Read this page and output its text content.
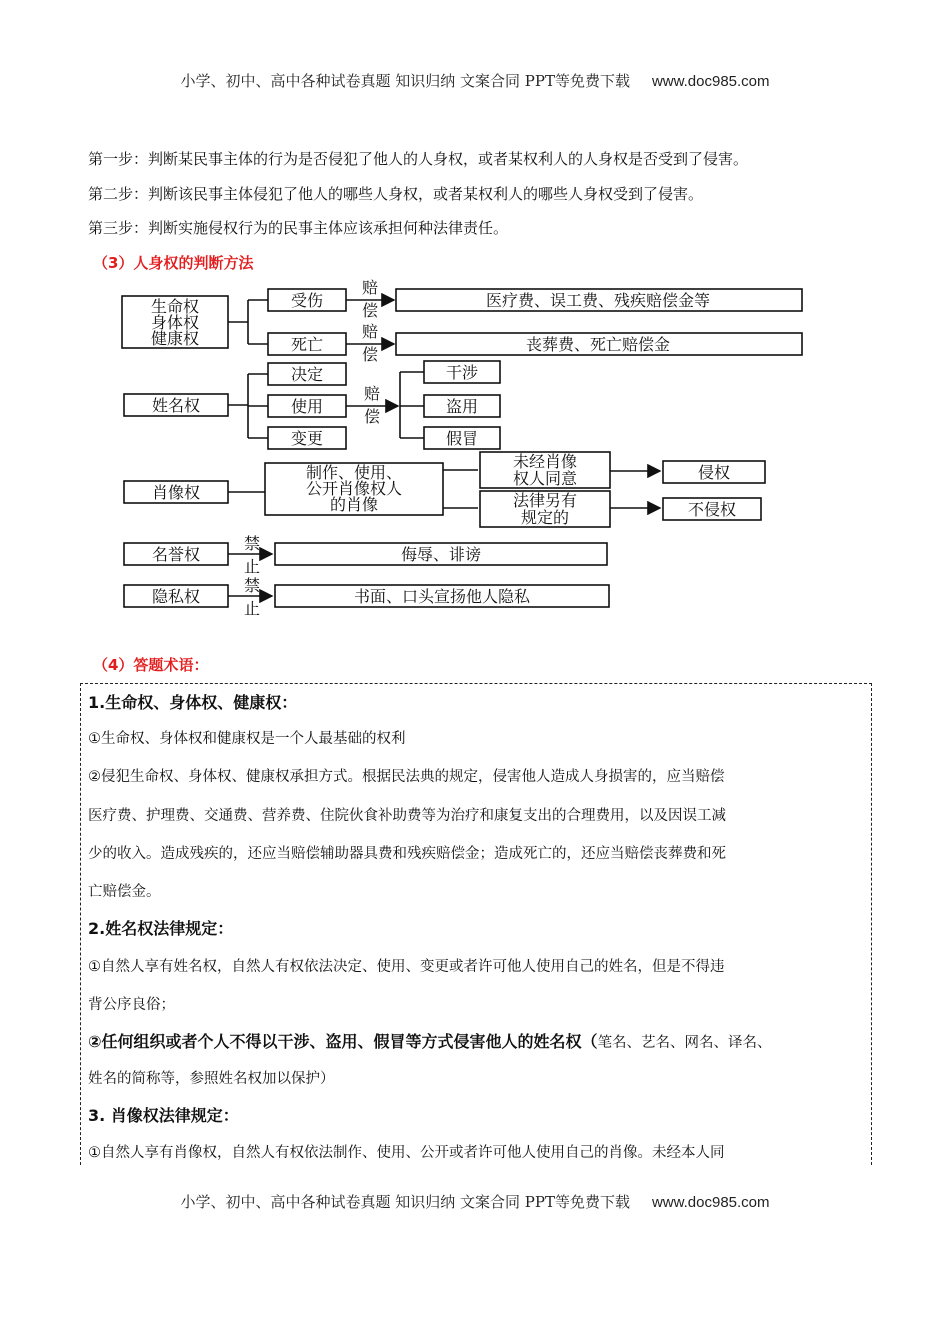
小学、初中、高中各种试卷真题 知识归纳 文案合同 PPT等免费下载 www.doc985.com
第一步：判断某民事主体的行为是否侵犯了他人的人身权，或者某权利人的人身权是否受到了侵害。
第二步：判断该民事主体侵犯了他人的哪些人身权，或者某权利人的哪些人身权受到了侵害。
第三步：判断实施侵权行为的民事主体应该承担何种法律责任。
（3）人身权的判断方法
生命权
身体权
健康权
受伤
死亡
赔
偿
赔
偿
医疗费、误工费、残疾赔偿金等
丧葬费、死亡赔偿金
姓名权
决定
使用
变更
赔
偿
干涉
盗用
假冒
肖像权
制作、使用、
公开肖像权人
的肖像
未经肖像
权人同意
法律另有
规定的
侵权
不侵权
名誉权
禁
止
侮辱、诽谤
隐私权
禁
止
书面、口头宣扬他人隐私
（4）答题术语：
1.生命权、身体权、健康权：
①生命权、身体权和健康权是一个人最基础的权利
②侵犯生命权、身体权、健康权承担方式。根据民法典的规定，侵害他人造成人身损害的，应当赔偿
医疗费、护理费、交通费、营养费、住院伙食补助费等为治疗和康复支出的合理费用，以及因误工减
少的收入。造成残疾的，还应当赔偿辅助器具费和残疾赔偿金；造成死亡的，还应当赔偿丧葬费和死
亡赔偿金。
2.姓名权法律规定：
①自然人享有姓名权，自然人有权依法决定、使用、变更或者许可他人使用自己的姓名，但是不得违
背公序良俗；
②任何组织或者个人不得以干涉、盗用、假冒等方式侵害他人的姓名权（笔名、艺名、网名、译名、
姓名的简称等，参照姓名权加以保护）
3. 肖像权法律规定：
①自然人享有肖像权，自然人有权依法制作、使用、公开或者许可他人使用自己的肖像。未经本人同
小学、初中、高中各种试卷真题 知识归纳 文案合同 PPT等免费下载 www.doc985.com
